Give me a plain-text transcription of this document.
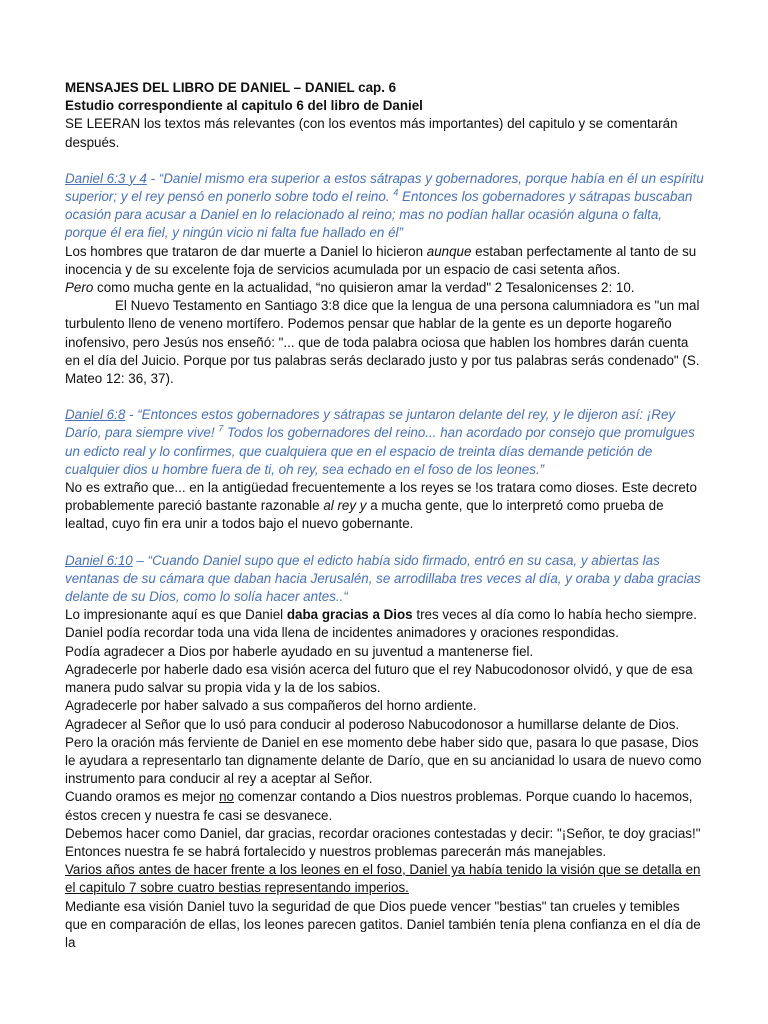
MENSAJES DEL LIBRO DE DANIEL – DANIEL cap. 6

Estudio correspondiente al capitulo 6 del libro de Daniel

SE LEERAN los textos más relevantes (con los eventos más importantes) del capitulo y se comentarán después.

Daniel 6:3 y 4 - “Daniel mismo era superior a estos sátrapas y gobernadores, porque había en él un espíritu superior; y el rey pensó en ponerlo sobre todo el reino. $^4$ Entonces los gobernadores y sátrapas buscaban ocasión para acusar a Daniel en lo relacionado al reino; mas no podían hallar ocasión alguna o falta, porque él era fiel, y ningún vicio ni falta fue hallado en él”

Los hombres que trataron de dar muerte a Daniel lo hicieron aunque estaban perfectamente al tanto de su inocencia y de su excelente foja de servicios acumulada por un espacio de casi setenta años.

Pero como mucha gente en la actualidad, “no quisieron amar la verdad" 2 Tesalonicenses 2: 10.

El Nuevo Testamento en Santiago 3:8 dice que la lengua de una persona calumniadora es "un mal turbulento lleno de veneno mortífero. Podemos pensar que hablar de la gente es un deporte hogareño inofensivo, pero Jesús nos enseñó: "... que de toda palabra ociosa que hablen los hombres darán cuenta en el día del Juicio. Porque por tus palabras serás declarado justo y por tus palabras serás condenado" (S. Mateo 12: 36, 37).

Daniel 6:8 - “Entonces estos gobernadores y sátrapas se juntaron delante del rey, y le dijeron así: ¡Rey Darío, para siempre vive! $^7$ Todos los gobernadores del reino... han acordado por consejo que promulgues un edicto real y lo confirmes, que cualquiera que en el espacio de treinta días demande petición de cualquier dios u hombre fuera de ti, oh rey, sea echado en el foso de los leones.”

No es extraño que... en la antigüedad frecuentemente a los reyes se !os tratara como dioses. Este decreto probablemente pareció bastante razonable al rey y a mucha gente, que lo interpretó como prueba de lealtad, cuyo fin era unir a todos bajo el nuevo gobernante.

Daniel 6:10 – “Cuando Daniel supo que el edicto había sido firmado, entró en su casa, y abiertas las ventanas de su cámara que daban hacia Jerusalén, se arrodillaba tres veces al día, y oraba y daba gracias delante de su Dios, como lo solía hacer antes..“

Lo impresionante aquí es que Daniel daba gracias a Dios tres veces al día como lo había hecho siempre.

Daniel podía recordar toda una vida llena de incidentes animadores y oraciones respondidas.

Podía agradecer a Dios por haberle ayudado en su juventud a mantenerse fiel.

Agradecerle por haberle dado esa visión acerca del futuro que el rey Nabucodonosor olvidó, y que de esa manera pudo salvar su propia vida y la de los sabios.

Agradecerle por haber salvado a sus compañeros del horno ardiente.

Agradecer al Señor que lo usó para conducir al poderoso Nabucodonosor a humillarse delante de Dios.

Pero la oración más ferviente de Daniel en ese momento debe haber sido que, pasara lo que pasase, Dios le ayudara a representarlo tan dignamente delante de Darío, que en su ancianidad lo usara de nuevo como instrumento para conducir al rey a aceptar al Señor.

Cuando oramos es mejor no comenzar contando a Dios nuestros problemas. Porque cuando lo hacemos, éstos crecen y nuestra fe casi se desvanece.

Debemos hacer como Daniel, dar gracias, recordar oraciones contestadas y decir: "¡Señor, te doy gracias!" Entonces nuestra fe se habrá fortalecido y nuestros problemas parecerán más manejables.

Varios años antes de hacer frente a los leones en el foso, Daniel ya había tenido la visión que se detalla en el capitulo 7 sobre cuatro bestias representando imperios.

Mediante esa visión Daniel tuvo la seguridad de que Dios puede vencer "bestias" tan crueles y temibles que en comparación de ellas, los leones parecen gatitos. Daniel también tenía plena confianza en el día de la
